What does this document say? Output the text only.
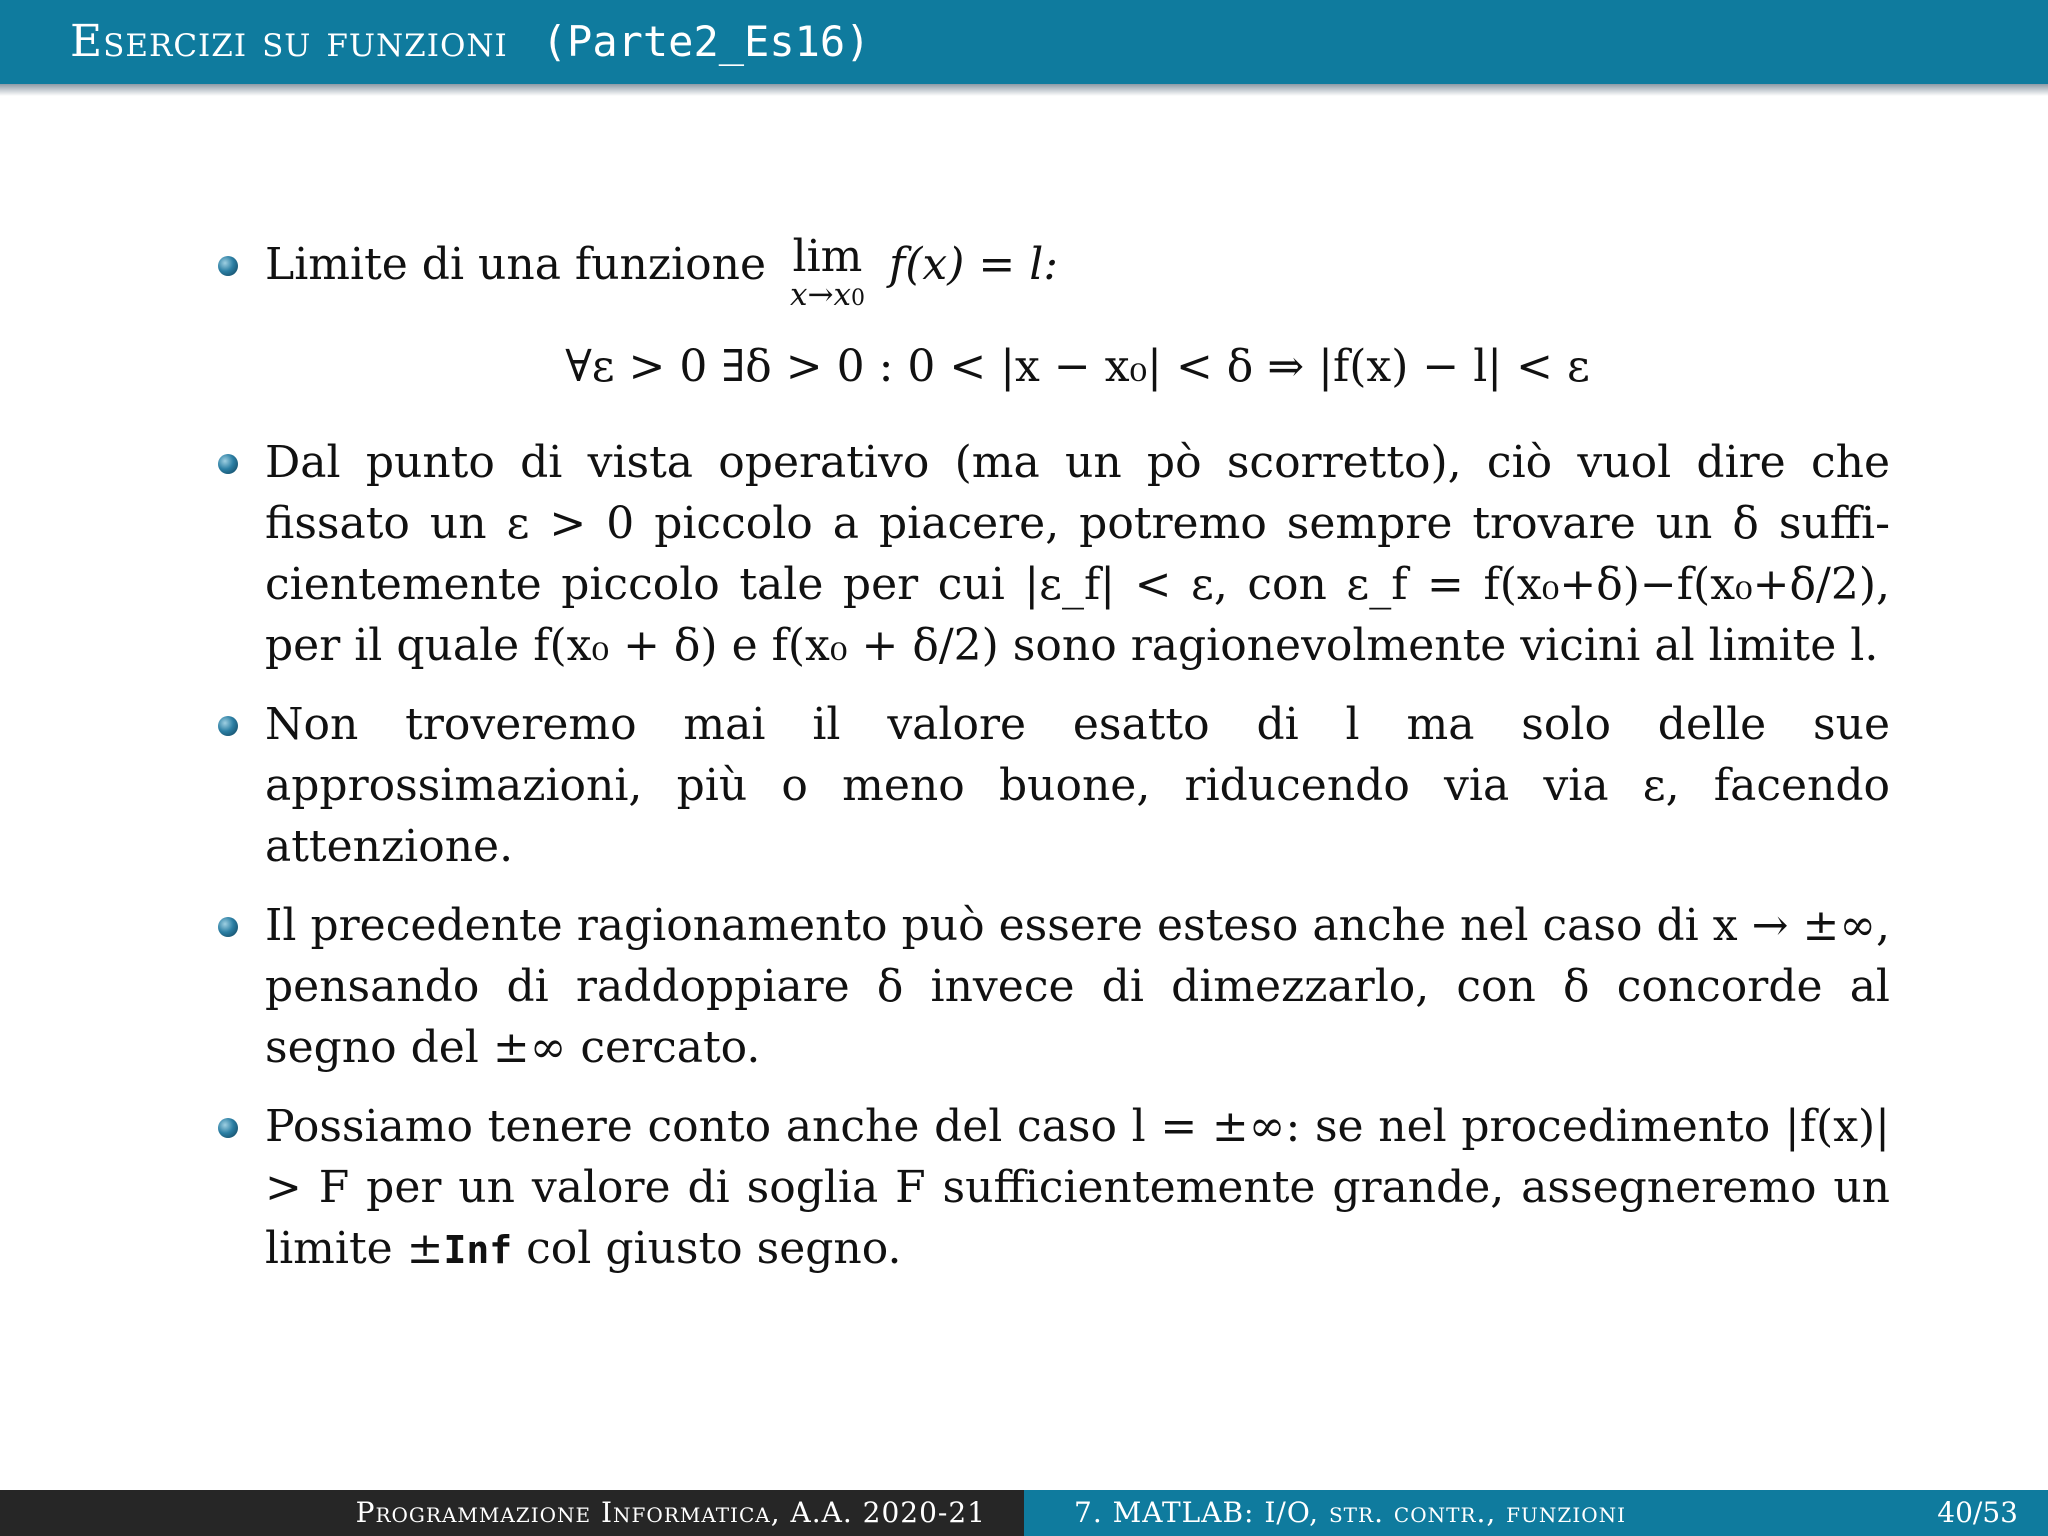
Esercizi su funzioni (Parte2_Es16)
Limite di una funzione lim
x→x0
f(x) = l:
∀ε > 0 ∃δ > 0 : 0 < |x − x₀| < δ ⇒ |f(x) − l| < ε
Dal punto di vista operativo (ma un pò scorretto), ciò vuol dire che fissato un ε > 0 piccolo a piacere, potremo sempre trovare un δ sufficientemente piccolo tale per cui |ε_f| < ε, con ε_f = f(x₀+δ)−f(x₀+δ/2), per il quale f(x₀ + δ) e f(x₀ + δ/2) sono ragionevolmente vicini al limite l.
Non troveremo mai il valore esatto di l ma solo delle sue approssimazioni, più o meno buone, riducendo via via ε, facendo attenzione.
Il precedente ragionamento può essere esteso anche nel caso di x → ±∞, pensando di raddoppiare δ invece di dimezzarlo, con δ concorde al segno del ±∞ cercato.
Possiamo tenere conto anche del caso l = ±∞: se nel procedimento |f(x)| > F per un valore di soglia F sufficientemente grande, assegneremo un limite ±Inf col giusto segno.
Programmazione Informatica, A.A. 2020-21	7. MATLAB: I/O, str. contr., funzioni	40/53
